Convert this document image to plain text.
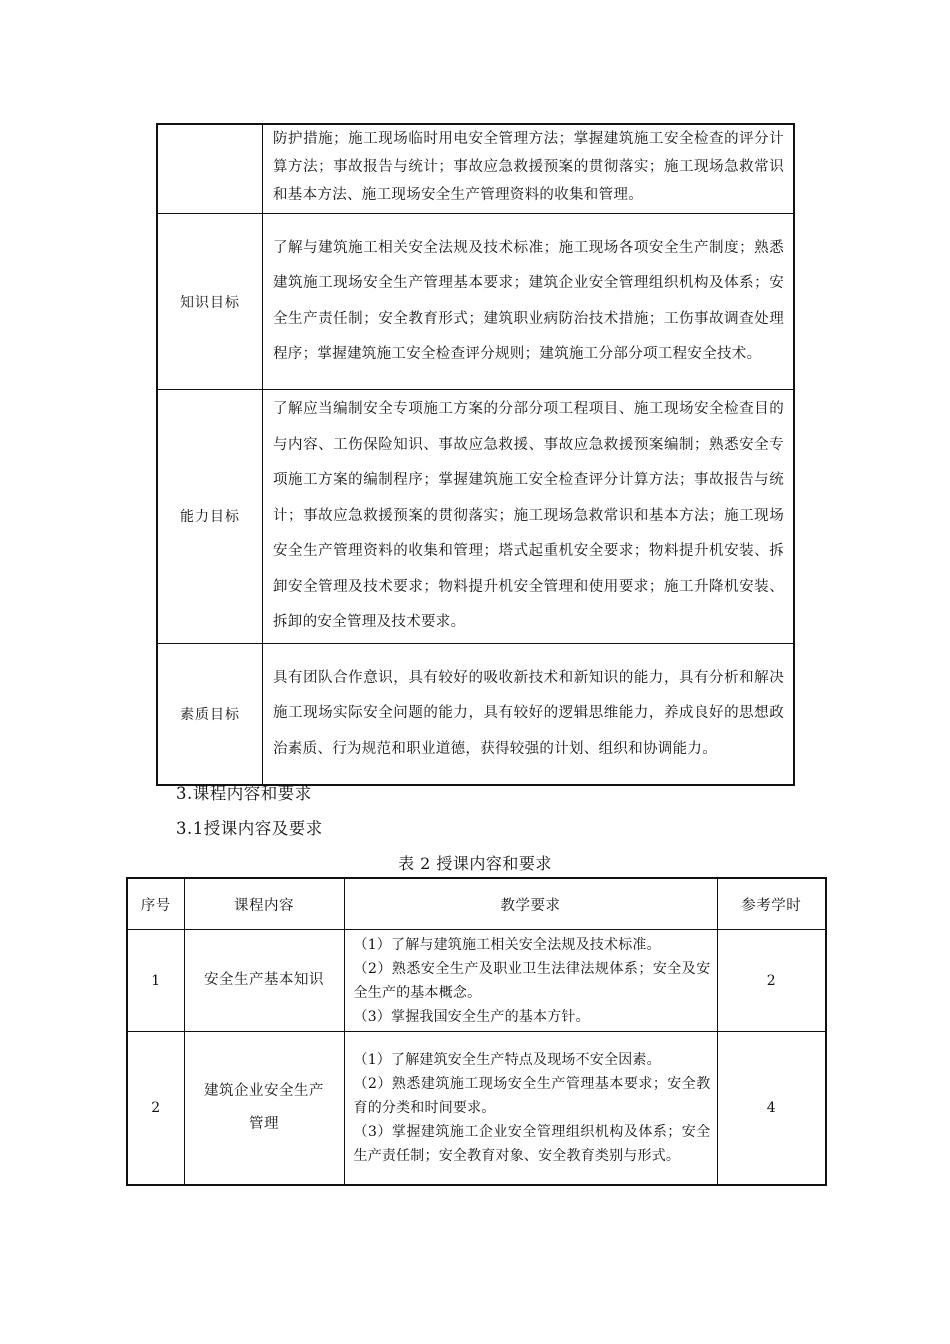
	防护措施；施工现场临时用电安全管理方法；掌握建筑施工安全检查的评分计算方法；事故报告与统计；事故应急救援预案的贯彻落实；施工现场急救常识和基本方法、施工现场安全生产管理资料的收集和管理。
知识目标	了解与建筑施工相关安全法规及技术标准；施工现场各项安全生产制度；熟悉建筑施工现场安全生产管理基本要求；建筑企业安全管理组织机构及体系；安全生产责任制；安全教育形式；建筑职业病防治技术措施；工伤事故调查处理程序；掌握建筑施工安全检查评分规则；建筑施工分部分项工程安全技术。
能力目标	了解应当编制安全专项施工方案的分部分项工程项目、施工现场安全检查目的与内容、工伤保险知识、事故应急救援、事故应急救援预案编制；熟悉安全专项施工方案的编制程序；掌握建筑施工安全检查评分计算方法；事故报告与统计；事故应急救援预案的贯彻落实；施工现场急救常识和基本方法；施工现场安全生产管理资料的收集和管理；塔式起重机安全要求；物料提升机安装、拆卸安全管理及技术要求；物料提升机安全管理和使用要求；施工升降机安装、拆卸的安全管理及技术要求。
素质目标	具有团队合作意识，具有较好的吸收新技术和新知识的能力，具有分析和解决施工现场实际安全问题的能力，具有较好的逻辑思维能力，养成良好的思想政治素质、行为规范和职业道德，获得较强的计划、组织和协调能力。
3.课程内容和要求
3.1授课内容及要求
表 2 授课内容和要求
序号	课程内容	教学要求	参考学时
1	安全生产基本知识	（1）了解与建筑施工相关安全法规及技术标准。
（2）熟悉安全生产及职业卫生法律法规体系；安全及安全生产的基本概念。
（3）掌握我国安全生产的基本方针。	2
2	建筑企业安全生产管理	（1）了解建筑安全生产特点及现场不安全因素。
（2）熟悉建筑施工现场安全生产管理基本要求；安全教育的分类和时间要求。
（3）掌握建筑施工企业安全管理组织机构及体系；安全生产责任制；安全教育对象、安全教育类别与形式。	4
